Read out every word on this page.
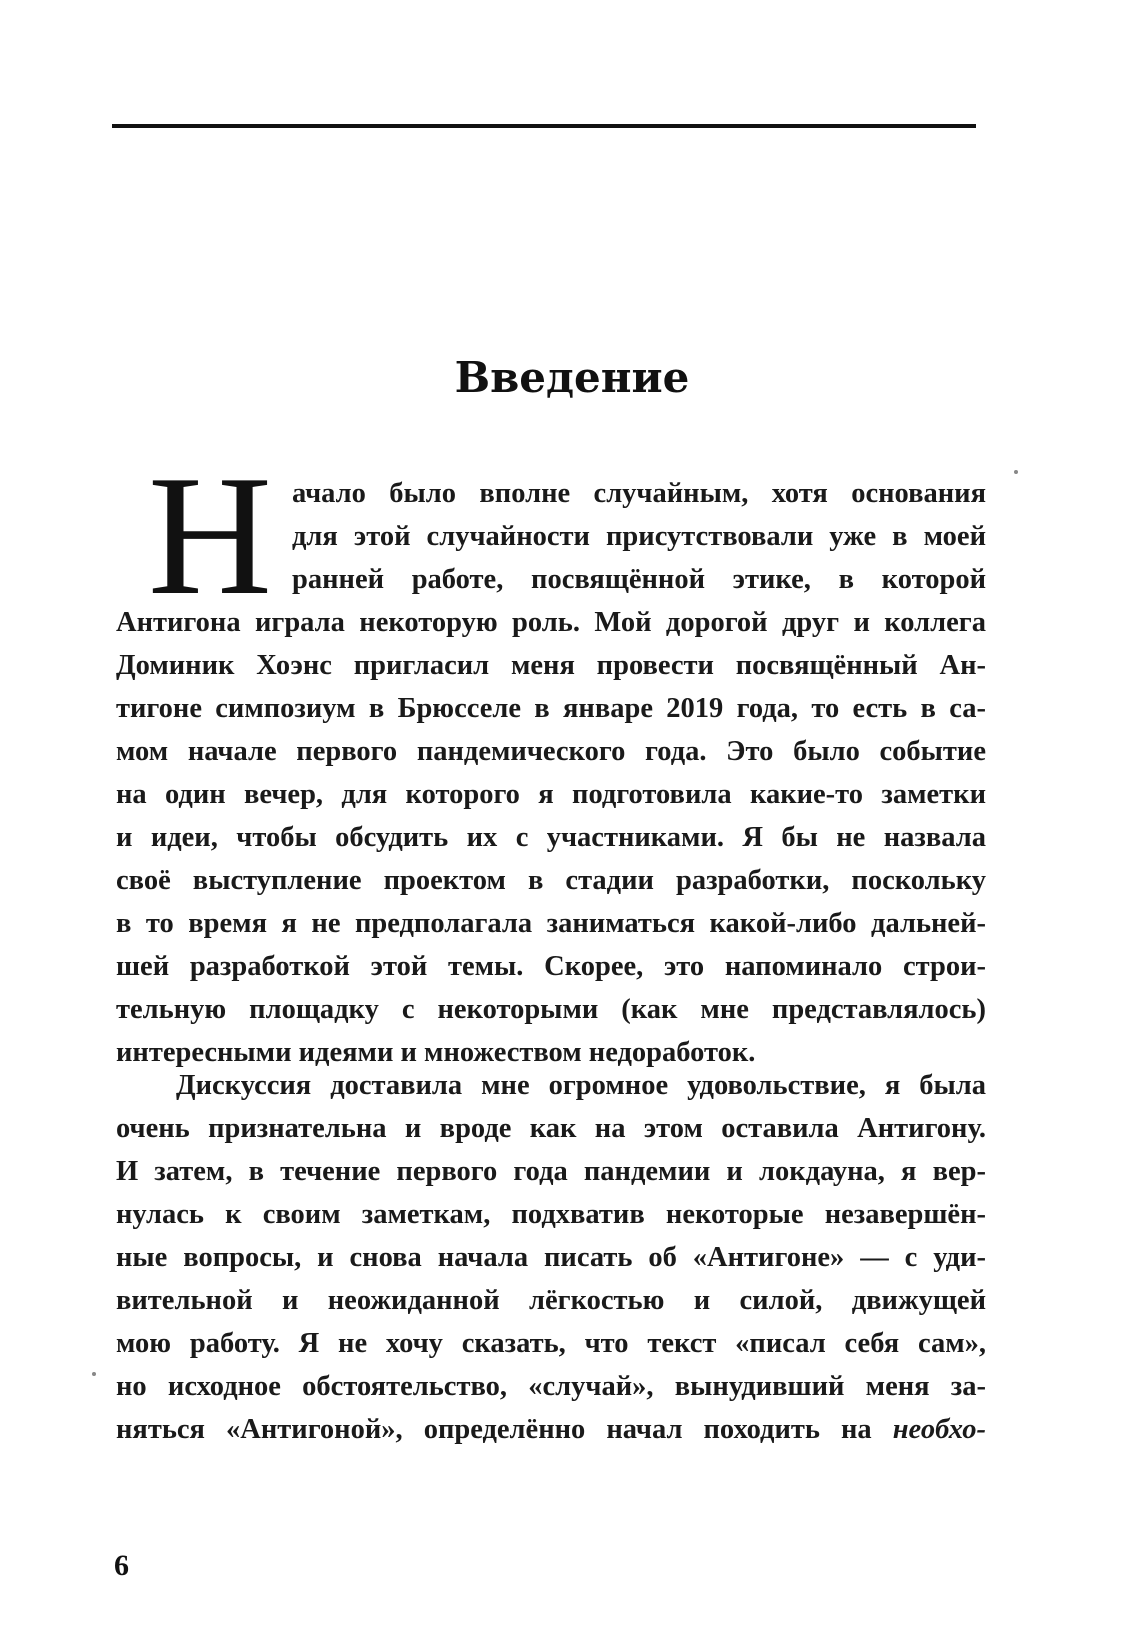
Введение
Н ачало было вполне случайным, хотя основания
для этой случайности присутствовали уже в моей
ранней работе, посвящённой этике, в которой
Антигона играла некоторую роль. Мой дорогой друг и коллега
Доминик Хоэнс пригласил меня провести посвящённый Ан-
тигоне симпозиум в Брюсселе в январе 2019 года, то есть в са-
мом начале первого пандемического года. Это было событие
на один вечер, для которого я подготовила какие-то заметки
и идеи, чтобы обсудить их с участниками. Я бы не назвала
своё выступление проектом в стадии разработки, поскольку
в то время я не предполагала заниматься какой-либо дальней-
шей разработкой этой темы. Скорее, это напоминало строи-
тельную площадку с некоторыми (как мне представлялось)
интересными идеями и множеством недоработок.
Дискуссия доставила мне огромное удовольствие, я была
очень признательна и вроде как на этом оставила Антигону.
И затем, в течение первого года пандемии и локдауна, я вер-
нулась к своим заметкам, подхватив некоторые незавершён-
ные вопросы, и снова начала писать об «Антигоне» — с уди-
вительной и неожиданной лёгкостью и силой, движущей
мою работу. Я не хочу сказать, что текст «писал себя сам»,
но исходное обстоятельство, «случай», вынудивший меня за-
няться «Антигоной», определённо начал походить на необхо-
6
